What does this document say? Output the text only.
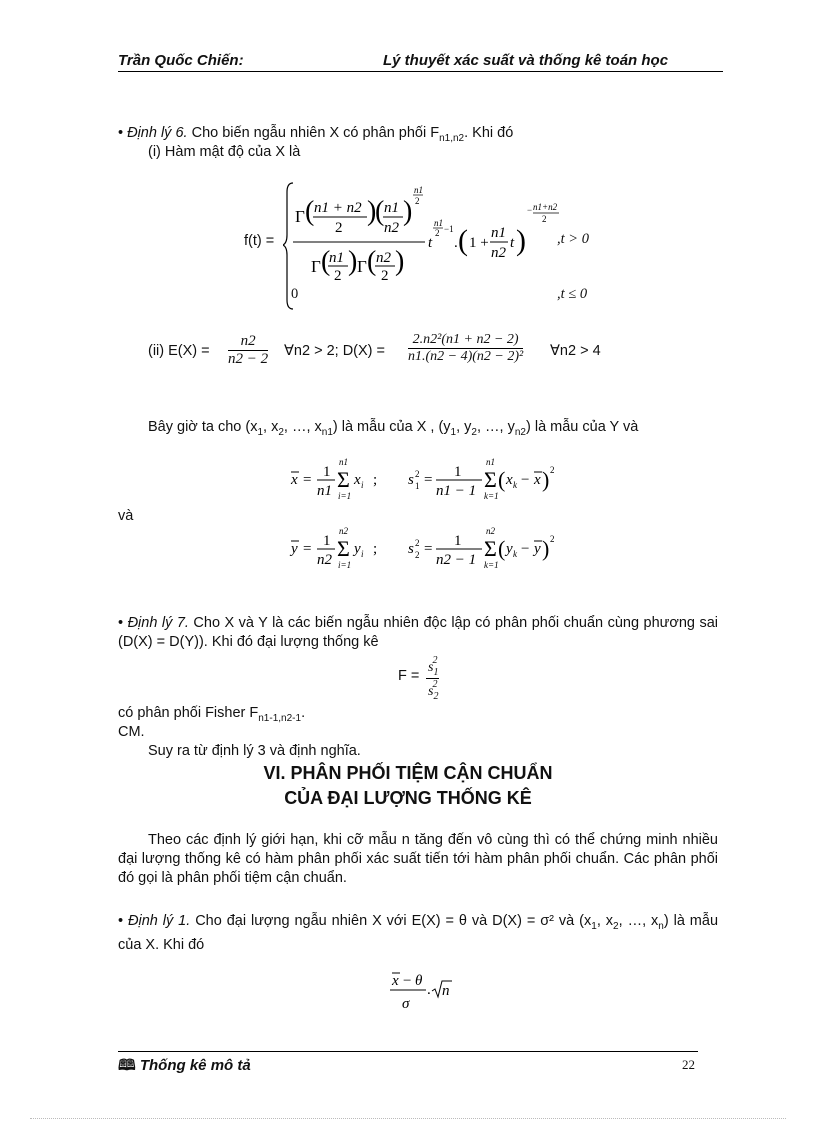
Trần Quốc Chiến:	Lý thuyết xác suất và thống kê toán học
• Định lý 6. Cho biến ngẫu nhiên X có phân phối $F_{n1,n2}$. Khi đó
(i) Hàm mật độ của X là
f(t) =
Γ ( n1 + n2
2
)
( n1
n2
)
n1
2
Γ (
n1
2 ) Γ ( n2
2 )
t
n1
2 −1
. ( 1 +
n1
n2
t )
− n1+n2
2
,t > 0
0	,t ≤ 0
(ii) $E(X) = \frac{n2}{n2 - 2}$ ∀n2 > 2; $D(X) = \frac{\text{2.n2²(n1 + n2 − 2)}}{\text{n1.(n2 − 4)(n2 − 2)²}}$ ∀n2 > 4
Bây giờ ta cho ($x_1$, $x_2$, …, $x_{n1}$) là mẫu của X , ($y_1$, $y_2$, …, $y_{n2}$) là mẫu của Y và
x = 1
n1 Σ
n1
i=1
x i ; s 2
1 = 1
n1 − 1 Σ
n1
k=1
( x k − x ) 2
và
y = 1
n2 Σ
n2
i=1
y i ; s 2
2 = 1
n2 − 1 Σ
n2
k=1
( y k − y ) 2
• Định lý 7. Cho X và Y là các biến ngẫu nhiên độc lập có phân phối chuẩn cùng phương sai (D(X) = D(Y)). Khi đó đại lượng thống kê
$F = \frac{s_1^2}{s_2^2}$
có phân phối Fisher $F_{n1-1,n2-1}$.
CM.
Suy ra từ định lý 3 và định nghĩa.
VI. PHÂN PHỐI TIỆM CẬN CHUẨN
CỦA ĐẠI LƯỢNG THỐNG KÊ
Theo các định lý giới hạn, khi cỡ mẫu n tăng đến vô cùng thì có thể chứng minh nhiều đại lượng thống kê có hàm phân phối xác suất tiến tới hàm phân phối chuẩn. Các phân phối đó gọi là phân phối tiệm cận chuẩn.
• Định lý 1. Cho đại lượng ngẫu nhiên X với E(X) = θ và D(X) = σ² và ($x_1$, $x_2$, …, $x_n$) là mẫu của X. Khi đó
x − θ
σ
. n
🕮 Thống kê mô tả	22
